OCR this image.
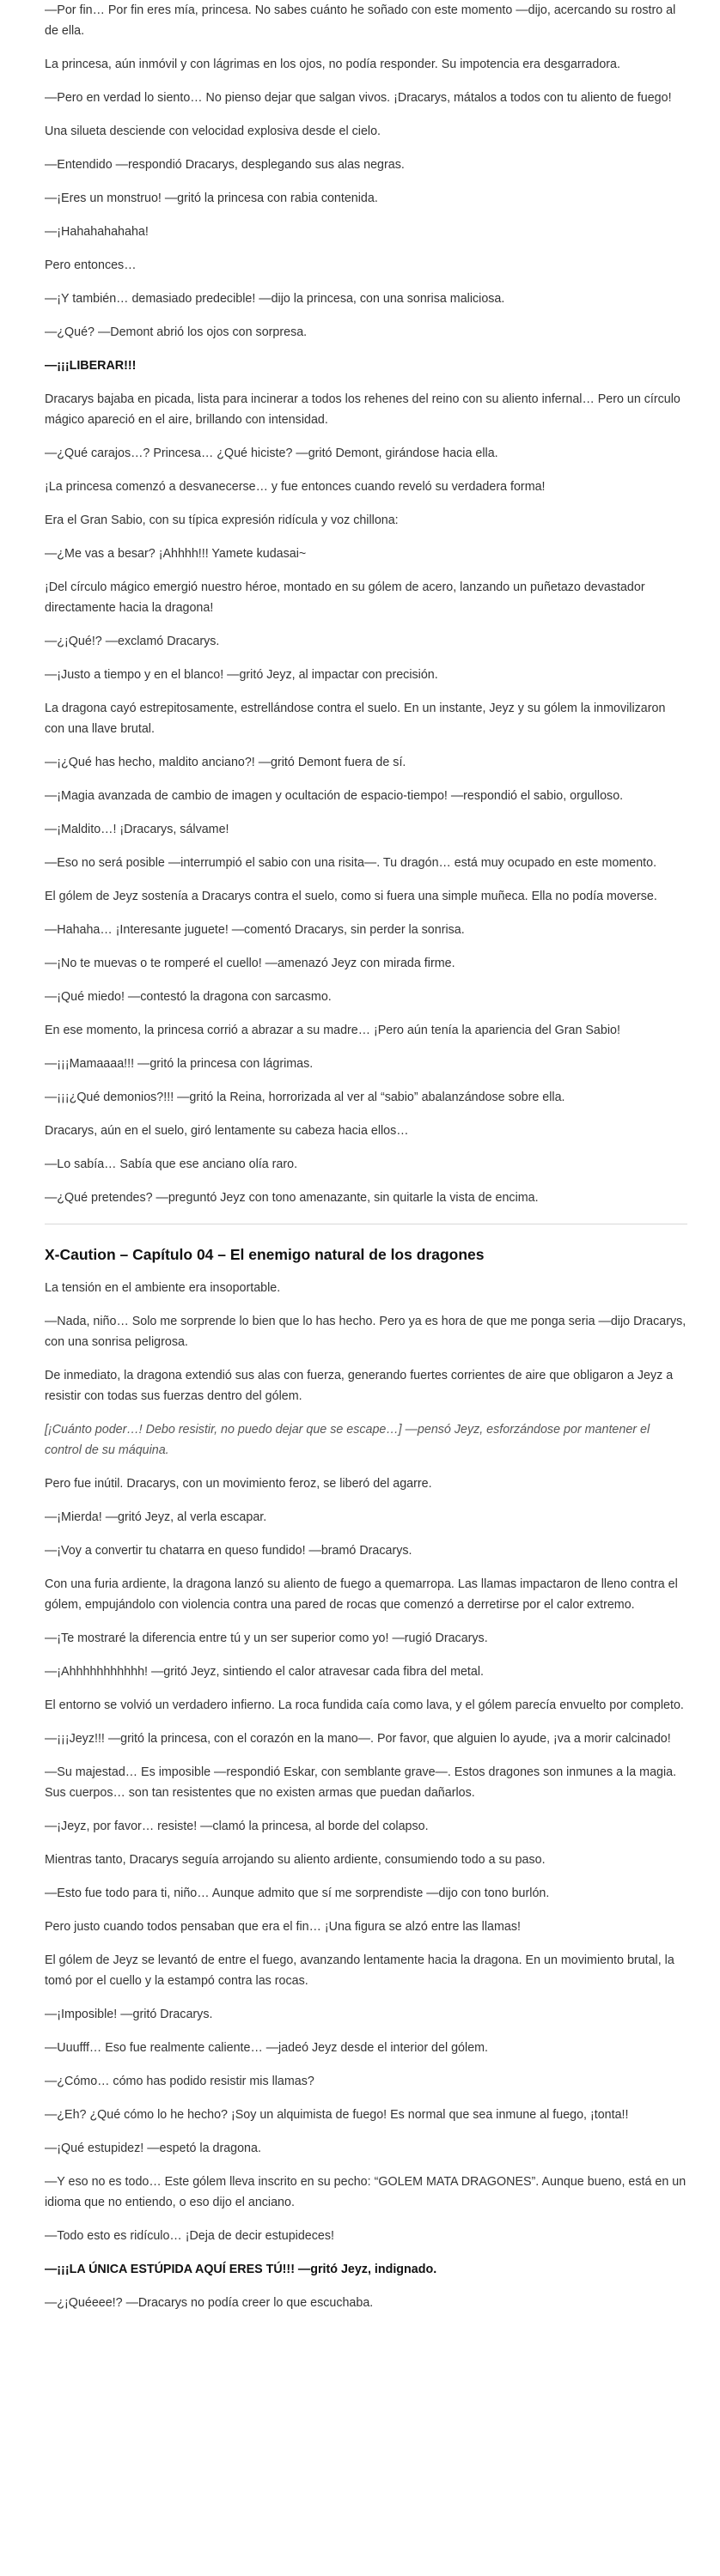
—Por fin… Por fin eres mía, princesa. No sabes cuánto he soñado con este momento —dijo, acercando su rostro al de ella.

La princesa, aún inmóvil y con lágrimas en los ojos, no podía responder. Su impotencia era desgarradora.

—Pero en verdad lo siento… No pienso dejar que salgan vivos. ¡Dracarys, mátalos a todos con tu aliento de fuego!

Una silueta desciende con velocidad explosiva desde el cielo.

—Entendido —respondió Dracarys, desplegando sus alas negras.

—¡Eres un monstruo! —gritó la princesa con rabia contenida.

—¡Hahahahahaha!

Pero entonces…

—¡Y también… demasiado predecible! —dijo la princesa, con una sonrisa maliciosa.

—¿Qué? —Demont abrió los ojos con sorpresa.

—¡¡¡LIBERAR!!!

Dracarys bajaba en picada, lista para incinerar a todos los rehenes del reino con su aliento infernal… Pero un círculo mágico apareció en el aire, brillando con intensidad.

—¿Qué carajos…? Princesa… ¿Qué hiciste? —gritó Demont, girándose hacia ella.

¡La princesa comenzó a desvanecerse… y fue entonces cuando reveló su verdadera forma!

Era el Gran Sabio, con su típica expresión ridícula y voz chillona:

—¿Me vas a besar? ¡Ahhhh!!! Yamete kudasai~

¡Del círculo mágico emergió nuestro héroe, montado en su gólem de acero, lanzando un puñetazo devastador directamente hacia la dragona!

—¿¡Qué!? —exclamó Dracarys.

—¡Justo a tiempo y en el blanco! —gritó Jeyz, al impactar con precisión.

La dragona cayó estrepitosamente, estrellándose contra el suelo. En un instante, Jeyz y su gólem la inmovilizaron con una llave brutal.

—¡¿Qué has hecho, maldito anciano?! —gritó Demont fuera de sí.

—¡Magia avanzada de cambio de imagen y ocultación de espacio-tiempo! —respondió el sabio, orgulloso.

—¡Maldito…! ¡Dracarys, sálvame!

—Eso no será posible —interrumpió el sabio con una risita—. Tu dragón… está muy ocupado en este momento.

El gólem de Jeyz sostenía a Dracarys contra el suelo, como si fuera una simple muñeca. Ella no podía moverse.

—Hahaha… ¡Interesante juguete! —comentó Dracarys, sin perder la sonrisa.

—¡No te muevas o te romperé el cuello! —amenazó Jeyz con mirada firme.

—¡Qué miedo! —contestó la dragona con sarcasmo.

En ese momento, la princesa corrió a abrazar a su madre… ¡Pero aún tenía la apariencia del Gran Sabio!

—¡¡¡Mamaaaa!!! —gritó la princesa con lágrimas.

—¡¡¡¿Qué demonios?!!! —gritó la Reina, horrorizada al ver al “sabio” abalanzándose sobre ella.

Dracarys, aún en el suelo, giró lentamente su cabeza hacia ellos…

—Lo sabía… Sabía que ese anciano olía raro.

—¿Qué pretendes? —preguntó Jeyz con tono amenazante, sin quitarle la vista de encima.

X-Caution – Capítulo 04 – El enemigo natural de los dragones

La tensión en el ambiente era insoportable.

—Nada, niño… Solo me sorprende lo bien que lo has hecho. Pero ya es hora de que me ponga seria —dijo Dracarys, con una sonrisa peligrosa.

De inmediato, la dragona extendió sus alas con fuerza, generando fuertes corrientes de aire que obligaron a Jeyz a resistir con todas sus fuerzas dentro del gólem.

[¡Cuánto poder…! Debo resistir, no puedo dejar que se escape…] —pensó Jeyz, esforzándose por mantener el control de su máquina.

Pero fue inútil. Dracarys, con un movimiento feroz, se liberó del agarre.

—¡Mierda! —gritó Jeyz, al verla escapar.

—¡Voy a convertir tu chatarra en queso fundido! —bramó Dracarys.

Con una furia ardiente, la dragona lanzó su aliento de fuego a quemarropa. Las llamas impactaron de lleno contra el gólem, empujándolo con violencia contra una pared de rocas que comenzó a derretirse por el calor extremo.

—¡Te mostraré la diferencia entre tú y un ser superior como yo! —rugió Dracarys.

—¡Ahhhhhhhhhhh! —gritó Jeyz, sintiendo el calor atravesar cada fibra del metal.

El entorno se volvió un verdadero infierno. La roca fundida caía como lava, y el gólem parecía envuelto por completo.

—¡¡¡Jeyz!!! —gritó la princesa, con el corazón en la mano—. Por favor, que alguien lo ayude, ¡va a morir calcinado!

—Su majestad… Es imposible —respondió Eskar, con semblante grave—. Estos dragones son inmunes a la magia. Sus cuerpos… son tan resistentes que no existen armas que puedan dañarlos.

—¡Jeyz, por favor… resiste! —clamó la princesa, al borde del colapso.

Mientras tanto, Dracarys seguía arrojando su aliento ardiente, consumiendo todo a su paso.

—Esto fue todo para ti, niño… Aunque admito que sí me sorprendiste —dijo con tono burlón.

Pero justo cuando todos pensaban que era el fin… ¡Una figura se alzó entre las llamas!

El gólem de Jeyz se levantó de entre el fuego, avanzando lentamente hacia la dragona. En un movimiento brutal, la tomó por el cuello y la estampó contra las rocas.

—¡Imposible! —gritó Dracarys.

—Uuufff… Eso fue realmente caliente… —jadeó Jeyz desde el interior del gólem.

—¿Cómo… cómo has podido resistir mis llamas?

—¿Eh? ¿Qué cómo lo he hecho? ¡Soy un alquimista de fuego! Es normal que sea inmune al fuego, ¡tonta!!

—¡Qué estupidez! —espetó la dragona.

—Y eso no es todo… Este gólem lleva inscrito en su pecho: “GOLEM MATA DRAGONES”. Aunque bueno, está en un idioma que no entiendo, o eso dijo el anciano.

—Todo esto es ridículo… ¡Deja de decir estupideces!

—¡¡¡LA ÚNICA ESTÚPIDA AQUÍ ERES TÚ!!! —gritó Jeyz, indignado.

—¿¡Quéeee!? —Dracarys no podía creer lo que escuchaba.
